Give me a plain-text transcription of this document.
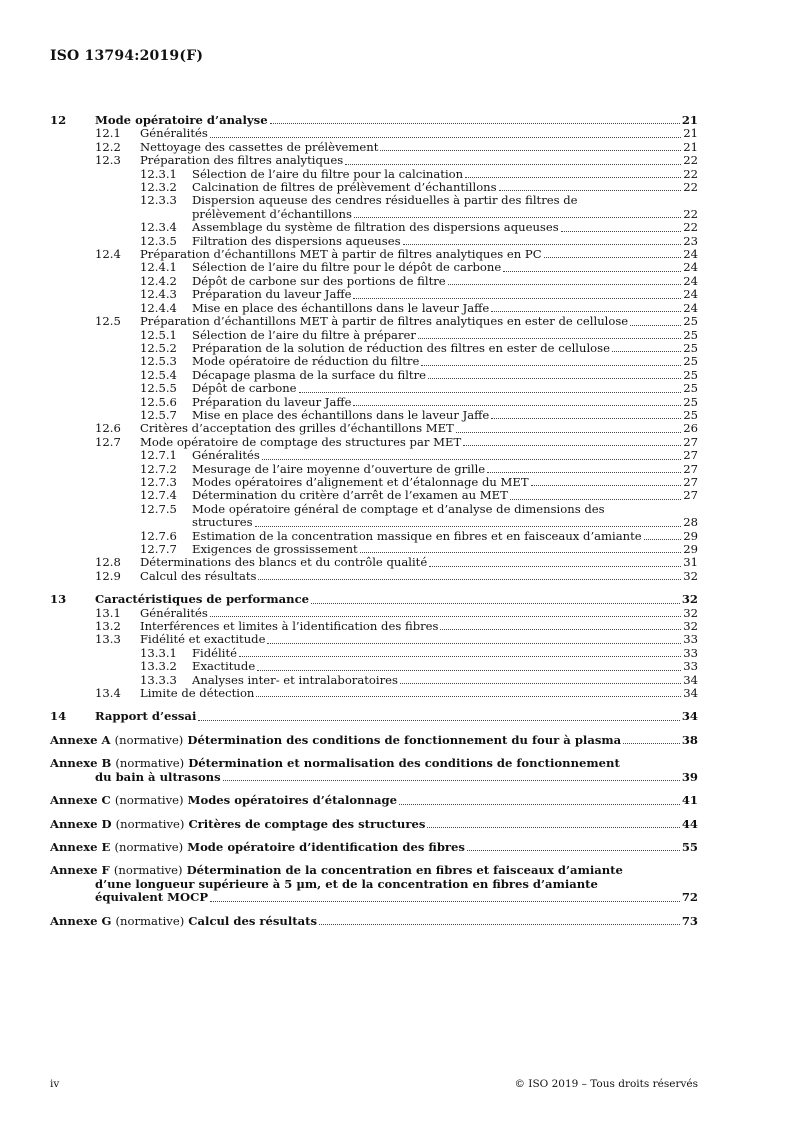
ISO 13794:2019(F)
12	Mode opératoire d’analyse	21
12.1	Généralités	21
12.2	Nettoyage des cassettes de prélèvement	21
12.3	Préparation des filtres analytiques	22
12.3.1	Sélection de l’aire du filtre pour la calcination	22
12.3.2	Calcination de filtres de prélèvement d’échantillons	22
12.3.3	Dispersion aqueuse des cendres résiduelles à partir des filtres de
prélèvement d’échantillons	22
12.3.4	Assemblage du système de filtration des dispersions aqueuses	22
12.3.5	Filtration des dispersions aqueuses	23
12.4	Préparation d’échantillons MET à partir de filtres analytiques en PC	24
12.4.1	Sélection de l’aire du filtre pour le dépôt de carbone	24
12.4.2	Dépôt de carbone sur des portions de filtre	24
12.4.3	Préparation du laveur Jaffe	24
12.4.4	Mise en place des échantillons dans le laveur Jaffe	24
12.5	Préparation d’échantillons MET à partir de filtres analytiques en ester de cellulose	25
12.5.1	Sélection de l’aire du filtre à préparer	25
12.5.2	Préparation de la solution de réduction des filtres en ester de cellulose	25
12.5.3	Mode opératoire de réduction du filtre	25
12.5.4	Décapage plasma de la surface du filtre	25
12.5.5	Dépôt de carbone	25
12.5.6	Préparation du laveur Jaffe	25
12.5.7	Mise en place des échantillons dans le laveur Jaffe	25
12.6	Critères d’acceptation des grilles d’échantillons MET	26
12.7	Mode opératoire de comptage des structures par MET	27
12.7.1	Généralités	27
12.7.2	Mesurage de l’aire moyenne d’ouverture de grille	27
12.7.3	Modes opératoires d’alignement et d’étalonnage du MET	27
12.7.4	Détermination du critère d’arrêt de l’examen au MET	27
12.7.5	Mode opératoire général de comptage et d’analyse de dimensions des
structures	28
12.7.6	Estimation de la concentration massique en fibres et en faisceaux d’amiante	29
12.7.7	Exigences de grossissement	29
12.8	Déterminations des blancs et du contrôle qualité	31
12.9	Calcul des résultats	32
13	Caractéristiques de performance	32
13.1	Généralités	32
13.2	Interférences et limites à l’identification des fibres	32
13.3	Fidélité et exactitude	33
13.3.1	Fidélité	33
13.3.2	Exactitude	33
13.3.3	Analyses inter- et intralaboratoires	34
13.4	Limite de détection	34
14	Rapport d’essai	34
Annexe A (normative) Détermination des conditions de fonctionnement du four à plasma	38
Annexe B (normative) Détermination et normalisation des conditions de fonctionnement
du bain à ultrasons	39
Annexe C (normative) Modes opératoires d’étalonnage	41
Annexe D (normative) Critères de comptage des structures	44
Annexe E (normative) Mode opératoire d’identification des fibres	55
Annexe F (normative) Détermination de la concentration en fibres et faisceaux d’amiante
d’une longueur supérieure à 5 µm, et de la concentration en fibres d’amiante
équivalent MOCP	72
Annexe G (normative) Calcul des résultats	73
iv	© ISO 2019 – Tous droits réservés
